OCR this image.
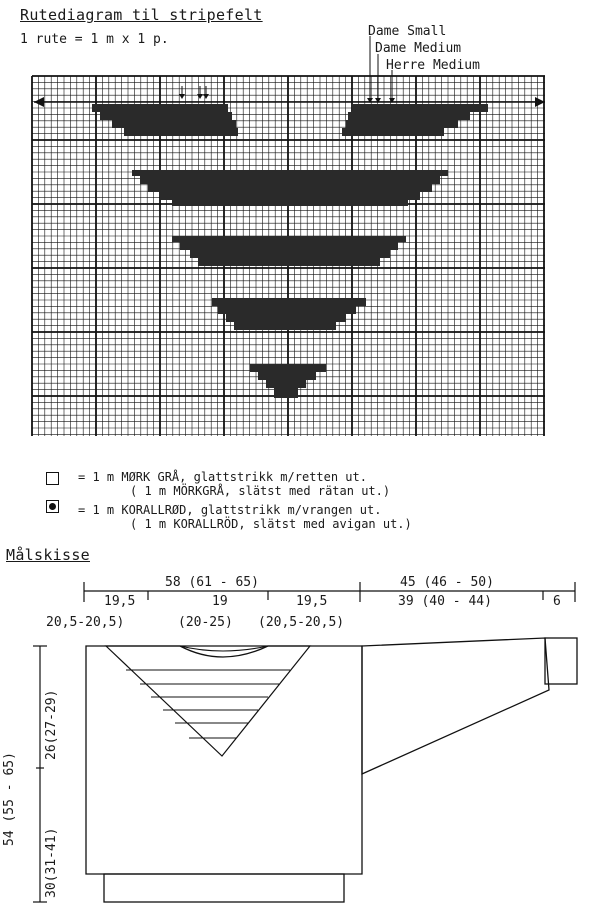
Rutediagram til stripefelt
1 rute = 1 m x 1 p.
Dame Small
Dame Medium
Herre Medium
= 1 m MØRK GRÅ, glattstrikk m/retten ut.
( 1 m MÖRKGRÅ, slätst med rätan ut.)
= 1 m KORALLRØD, glattstrikk m/vrangen ut.
( 1 m KORALLRÖD, slätst med avigan ut.)
Målskisse
58 (61 - 65)	45 (46 - 50)
19,5	19	19,5	39 (40 - 44)	6
20,5-20,5)	(20-25) (20,5-20,5)
54 (55 - 65)
26(27-29)
30(31-41)
